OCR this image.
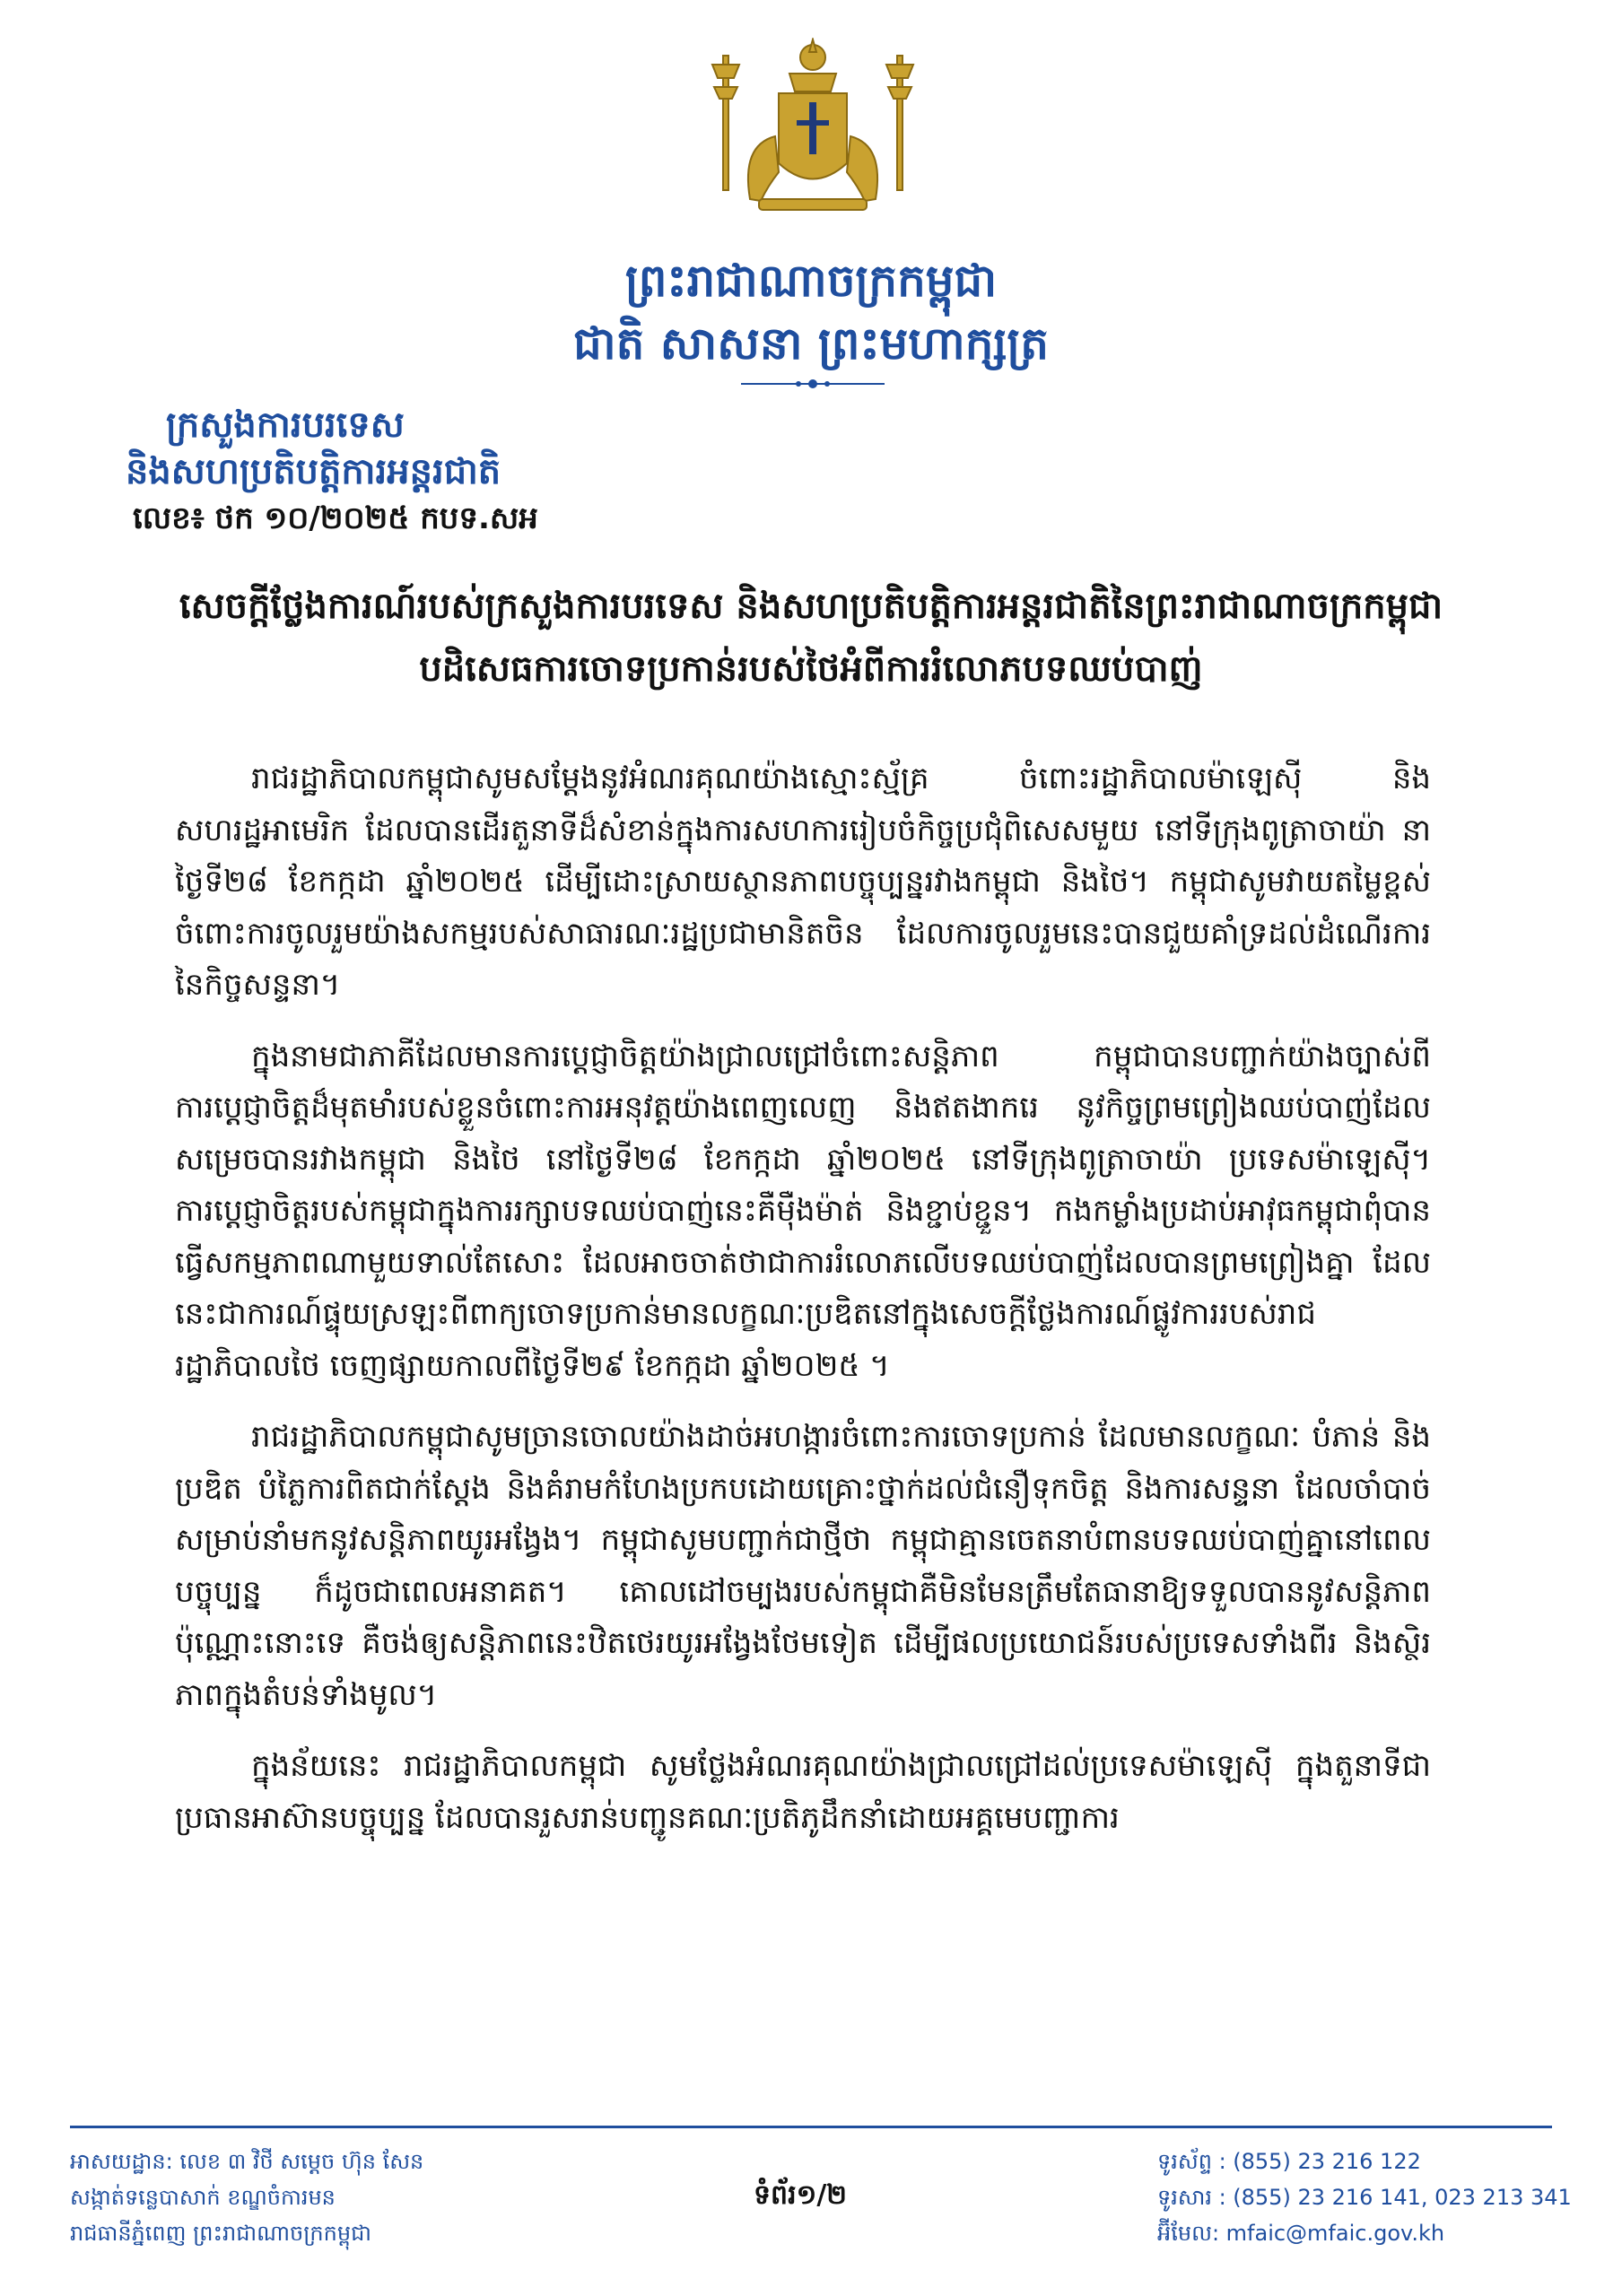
ព្រះរាជាណាចក្រកម្ពុជា
ជាតិ សាសនា ព្រះមហាក្សត្រ
ក្រសួងការបរទេស
និងសហប្រតិបត្តិការអន្តរជាតិ
លេខ៖ ថក ១០/២០២៥ កបទ.សអ
សេចក្តីថ្លែងការណ៍របស់ក្រសួងការបរទេស និងសហប្រតិបត្តិការអន្តរជាតិនៃព្រះរាជាណាចក្រកម្ពុជា
បដិសេធការចោទប្រកាន់របស់ថៃអំពីការរំលោភបទឈប់បាញ់

រាជរដ្ឋាភិបាលកម្ពុជាសូមសម្តែងនូវអំណរគុណយ៉ាងស្មោះស្ម័គ្រ ចំពោះរដ្ឋាភិបាលម៉ាឡេស៊ី និងសហរដ្ឋអាមេរិក ដែលបានដើរតួនាទីដ៏សំខាន់ក្នុងការសហការរៀបចំកិច្ចប្រជុំពិសេសមួយ នៅទីក្រុងពូត្រាចាយ៉ា នាថ្ងៃទី២៨ ខែកក្កដា ឆ្នាំ២០២៥ ដើម្បីដោះស្រាយស្ថានភាពបច្ចុប្បន្នរវាងកម្ពុជា និងថៃ។ កម្ពុជាសូមវាយតម្លៃខ្ពស់ចំពោះការចូលរួមយ៉ាងសកម្មរបស់សាធារណៈរដ្ឋប្រជាមានិតចិន ដែលការចូលរួមនេះបានជួយគាំទ្រដល់ដំណើរការនៃកិច្ចសន្ទនា។

ក្នុងនាមជាភាគីដែលមានការប្តេជ្ញាចិត្តយ៉ាងជ្រាលជ្រៅចំពោះសន្តិភាព កម្ពុជាបានបញ្ជាក់យ៉ាងច្បាស់ពីការប្តេជ្ញាចិត្តដ៏មុតមាំរបស់ខ្លួនចំពោះការអនុវត្តយ៉ាងពេញលេញ និងឥតងាករេ នូវកិច្ចព្រមព្រៀងឈប់បាញ់ដែលសម្រេចបានរវាងកម្ពុជា និងថៃ នៅថ្ងៃទី២៨ ខែកក្កដា ឆ្នាំ២០២៥ នៅទីក្រុងពូត្រាចាយ៉ា ប្រទេសម៉ាឡេស៊ី។ ការប្តេជ្ញាចិត្តរបស់កម្ពុជាក្នុងការរក្សាបទឈប់បាញ់នេះគឺម៉ឺងម៉ាត់ និងខ្ជាប់ខ្ជួន។ កងកម្លាំងប្រដាប់អាវុធកម្ពុជាពុំបានធ្វើសកម្មភាពណាមួយទាល់តែសោះ ដែលអាចចាត់ថាជាការរំលោភលើបទឈប់បាញ់ដែលបានព្រមព្រៀងគ្នា ដែលនេះជាការណ៍ផ្ទុយស្រឡះពីពាក្យចោទប្រកាន់មានលក្ខណៈប្រឌិតនៅក្នុងសេចក្តីថ្លែងការណ៍ផ្លូវការរបស់រាជរដ្ឋាភិបាលថៃ ចេញផ្សាយកាលពីថ្ងៃទី២៩ ខែកក្កដា ឆ្នាំ២០២៥ ។

រាជរដ្ឋាភិបាលកម្ពុជាសូមច្រានចោលយ៉ាងដាច់អហង្ការចំពោះការចោទប្រកាន់ ដែលមានលក្ខណៈ បំភាន់ និងប្រឌិត បំភ្លៃការពិតជាក់ស្តែង និងគំរាមកំហែងប្រកបដោយគ្រោះថ្នាក់ដល់ជំនឿទុកចិត្ត និងការសន្ទនា ដែលចាំបាច់សម្រាប់នាំមកនូវសន្តិភាពយូរអង្វែង។ កម្ពុជាសូមបញ្ជាក់ជាថ្មីថា កម្ពុជាគ្មានចេតនាបំពានបទឈប់បាញ់គ្នានៅពេលបច្ចុប្បន្ន ក៏ដូចជាពេលអនាគត។ គោលដៅចម្បងរបស់កម្ពុជាគឺមិនមែនត្រឹមតែធានាឱ្យទទួលបាននូវសន្តិភាពប៉ុណ្ណោះនោះទេ គឺចង់ឲ្យសន្តិភាពនេះឋិតថេរយូរអង្វែងថែមទៀត ដើម្បីផលប្រយោជន៍របស់ប្រទេសទាំងពីរ និងស្ថិរភាពក្នុងតំបន់ទាំងមូល។

ក្នុងន័យនេះ រាជរដ្ឋាភិបាលកម្ពុជា សូមថ្លែងអំណរគុណយ៉ាងជ្រាលជ្រៅដល់ប្រទេសម៉ាឡេស៊ី ក្នុងតួនាទីជាប្រធានអាស៊ានបច្ចុប្បន្ន ដែលបានរួសរាន់បញ្ជូនគណៈប្រតិភូដឹកនាំដោយអគ្គមេបញ្ជាការ

អាសយដ្ឋាន: លេខ ៣ វិថី សម្តេច ហ៊ុន សែន
សង្កាត់ទន្លេបាសាក់ ខណ្ឌចំការមន
រាជធានីភ្នំពេញ ព្រះរាជាណាចក្រកម្ពុជា
ទំព័រ១/២
ទូរស័ព្ទ : (855) 23 216 122
ទូរសារ : (855) 23 216 141, 023 213 341
អ៊ីមែល: mfaic@mfaic.gov.kh
